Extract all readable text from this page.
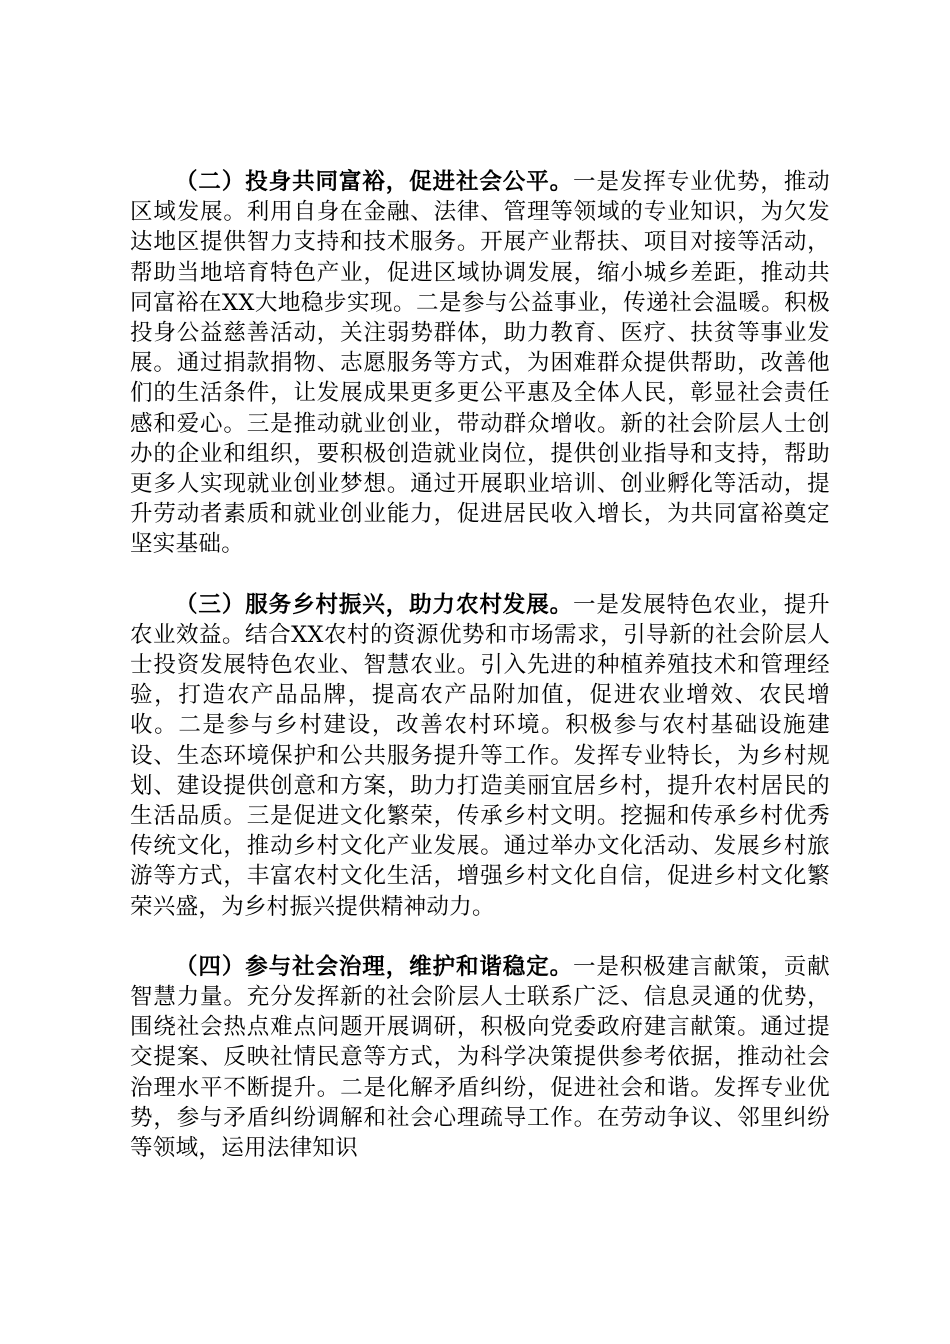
（二）投身共同富裕，促进社会公平。一是发挥专业优势，推动区域发展。利用自身在金融、法律、管理等领域的专业知识，为欠发达地区提供智力支持和技术服务。开展产业帮扶、项目对接等活动，帮助当地培育特色产业，促进区域协调发展，缩小城乡差距，推动共同富裕在XX大地稳步实现。二是参与公益事业，传递社会温暖。积极投身公益慈善活动，关注弱势群体，助力教育、医疗、扶贫等事业发展。通过捐款捐物、志愿服务等方式，为困难群众提供帮助，改善他们的生活条件，让发展成果更多更公平惠及全体人民，彰显社会责任感和爱心。三是推动就业创业，带动群众增收。新的社会阶层人士创办的企业和组织，要积极创造就业岗位，提供创业指导和支持，帮助更多人实现就业创业梦想。通过开展职业培训、创业孵化等活动，提升劳动者素质和就业创业能力，促进居民收入增长，为共同富裕奠定坚实基础。

（三）服务乡村振兴，助力农村发展。一是发展特色农业，提升农业效益。结合XX农村的资源优势和市场需求，引导新的社会阶层人士投资发展特色农业、智慧农业。引入先进的种植养殖技术和管理经验，打造农产品品牌，提高农产品附加值，促进农业增效、农民增收。二是参与乡村建设，改善农村环境。积极参与农村基础设施建设、生态环境保护和公共服务提升等工作。发挥专业特长，为乡村规划、建设提供创意和方案，助力打造美丽宜居乡村，提升农村居民的生活品质。三是促进文化繁荣，传承乡村文明。挖掘和传承乡村优秀传统文化，推动乡村文化产业发展。通过举办文化活动、发展乡村旅游等方式，丰富农村文化生活，增强乡村文化自信，促进乡村文化繁荣兴盛，为乡村振兴提供精神动力。

（四）参与社会治理，维护和谐稳定。一是积极建言献策，贡献智慧力量。充分发挥新的社会阶层人士联系广泛、信息灵通的优势，围绕社会热点难点问题开展调研，积极向党委政府建言献策。通过提交提案、反映社情民意等方式，为科学决策提供参考依据，推动社会治理水平不断提升。二是化解矛盾纠纷，促进社会和谐。发挥专业优势，参与矛盾纠纷调解和社会心理疏导工作。在劳动争议、邻里纠纷等领域，运用法律知识
